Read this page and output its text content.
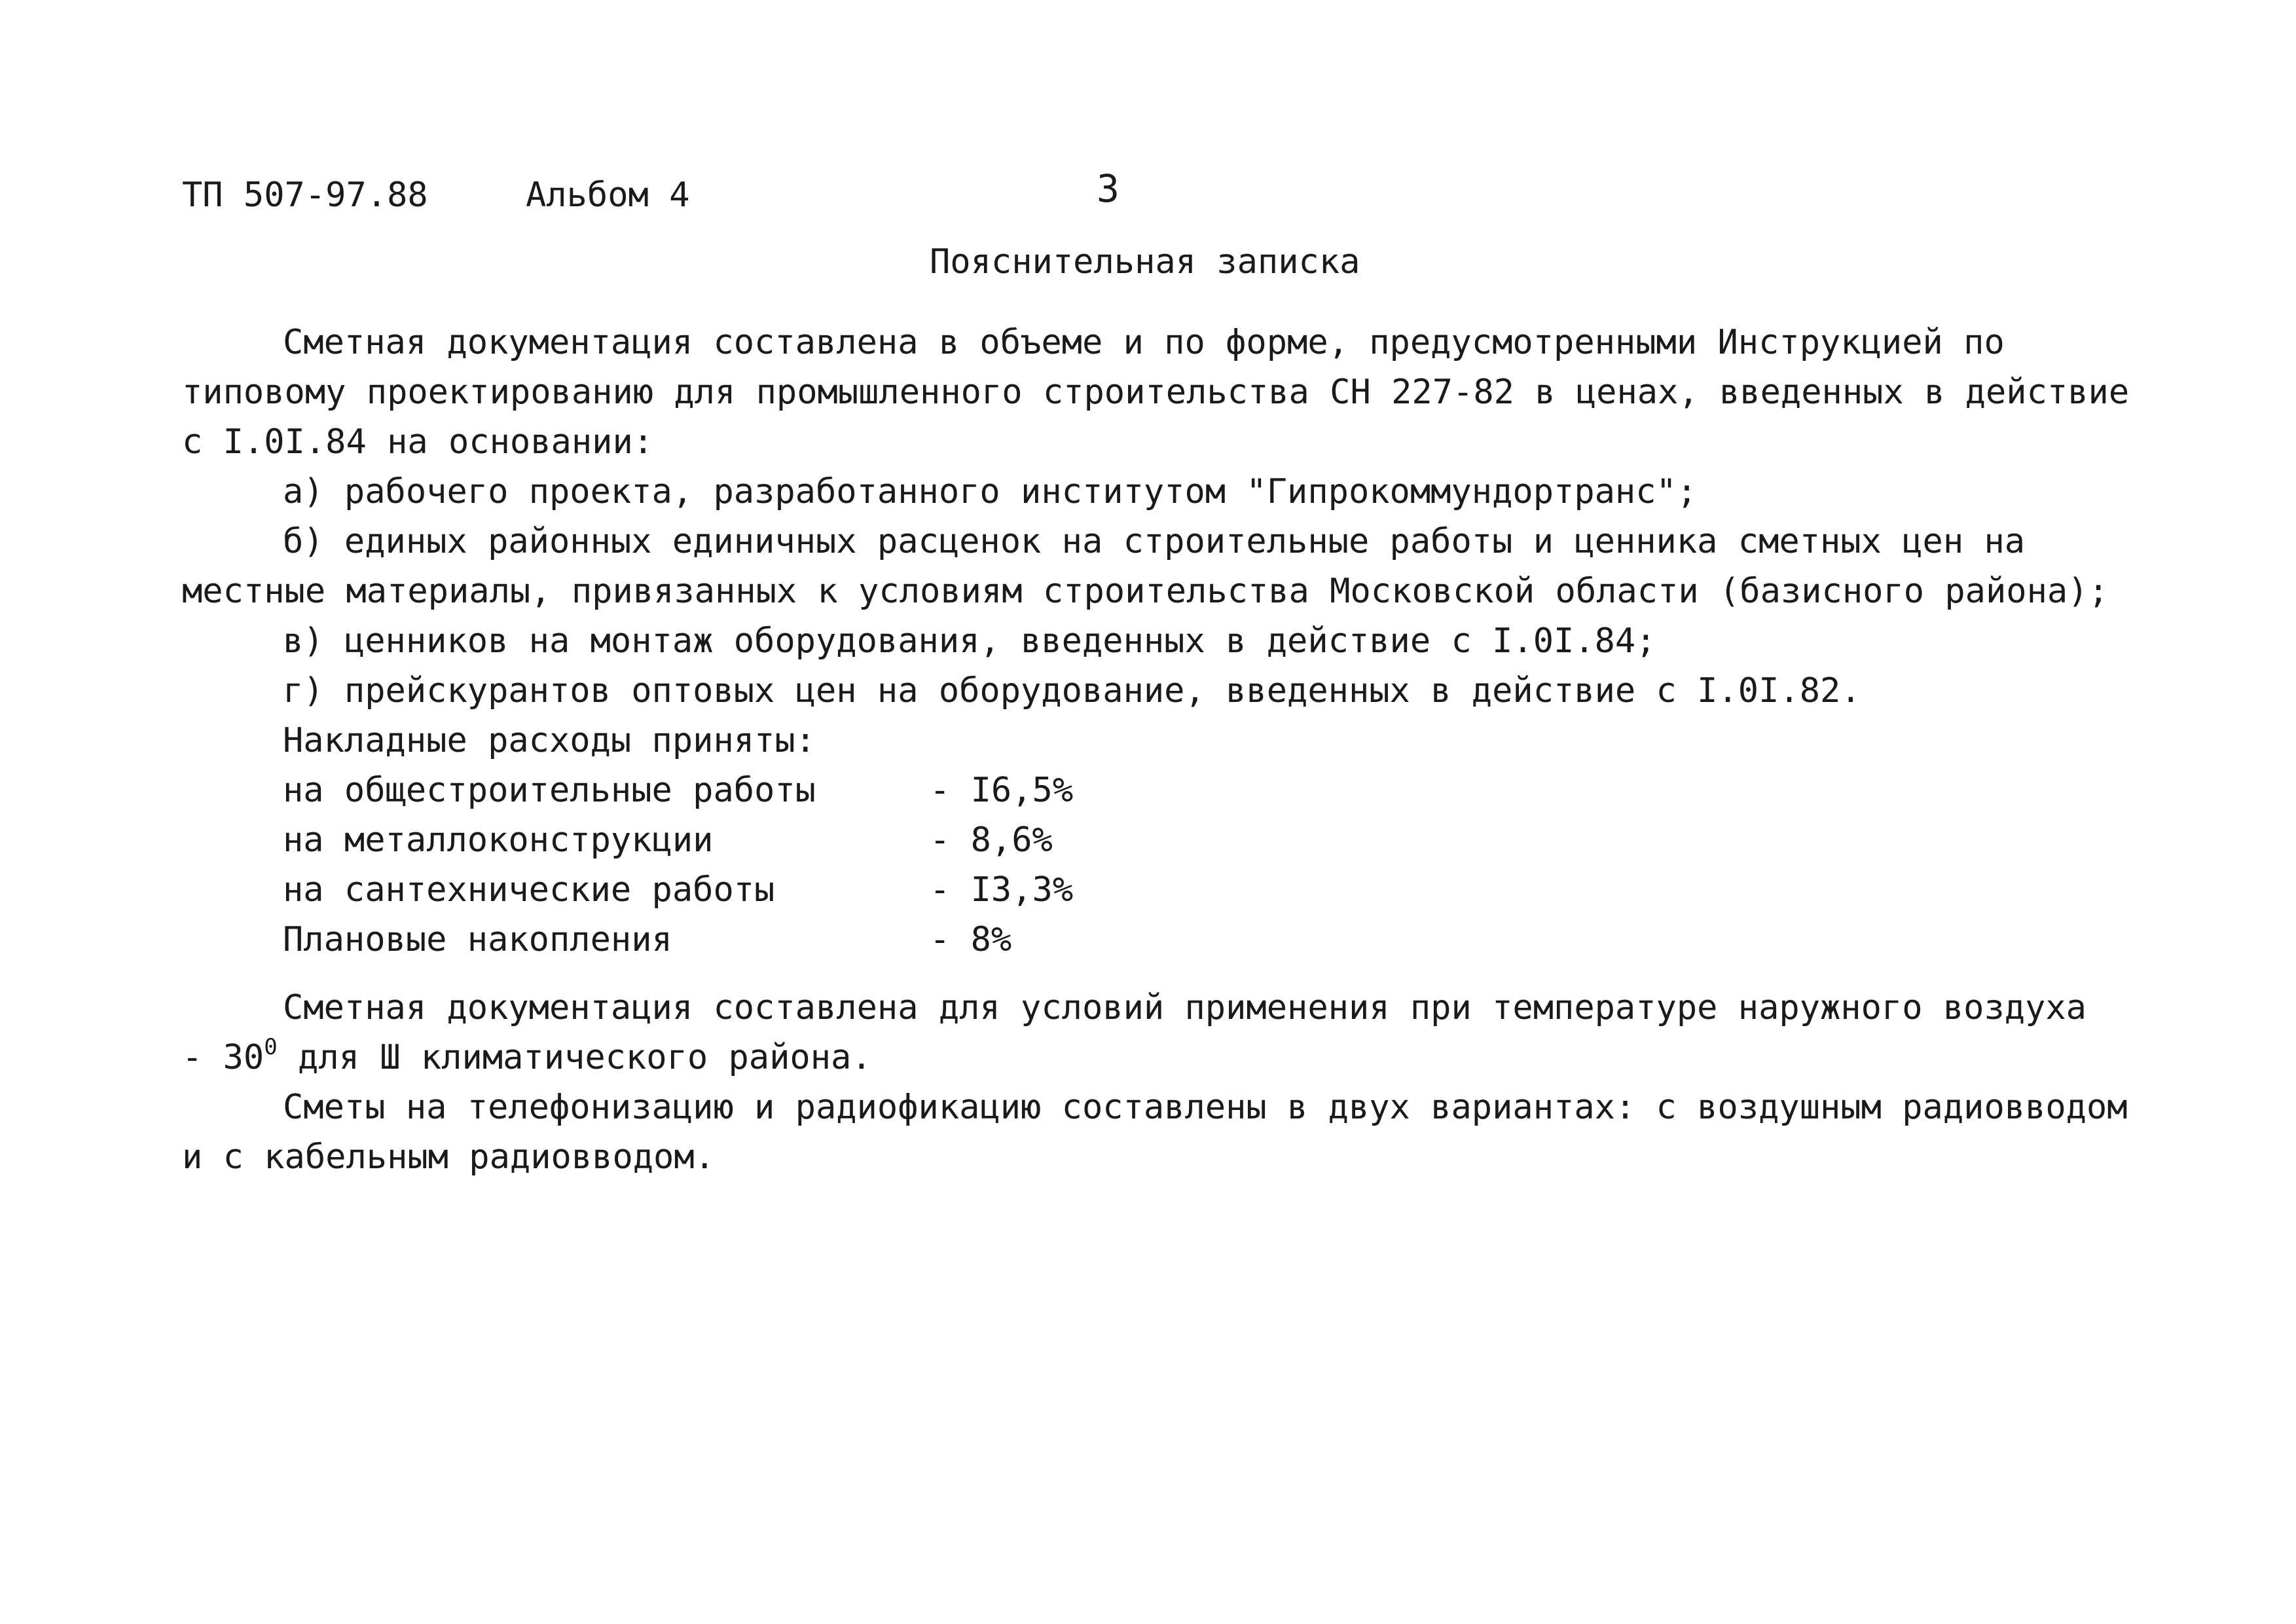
ТП 507-97.88	Альбом 4	3
Пояснительная записка
Сметная документация составлена в объеме и по форме, предусмотренными Инструкцией по
типовому проектированию для промышленного строительства СН 227-82 в ценах, введенных в действие
с I.0I.84 на основании:
а) рабочего проекта, разработанного институтом "Гипрокоммундортранс";
б) единых районных единичных расценок на строительные работы и ценника сметных цен на
местные материалы, привязанных к условиям строительства Московской области (базисного района);
в) ценников на монтаж оборудования, введенных в действие с I.0I.84;
г) прейскурантов оптовых цен на оборудование, введенных в действие с I.0I.82.
Накладные расходы приняты:
на общестроительные работы	- I6,5%
на металлоконструкции	- 8,6%
на сантехнические работы	- I3,3%
Плановые накопления	- 8%
Сметная документация составлена для условий применения при температуре наружного воздуха
- $30^0$ для Ш климатического района.
Сметы на телефонизацию и радиофикацию составлены в двух вариантах: с воздушным радиовводом
и с кабельным радиовводом.
